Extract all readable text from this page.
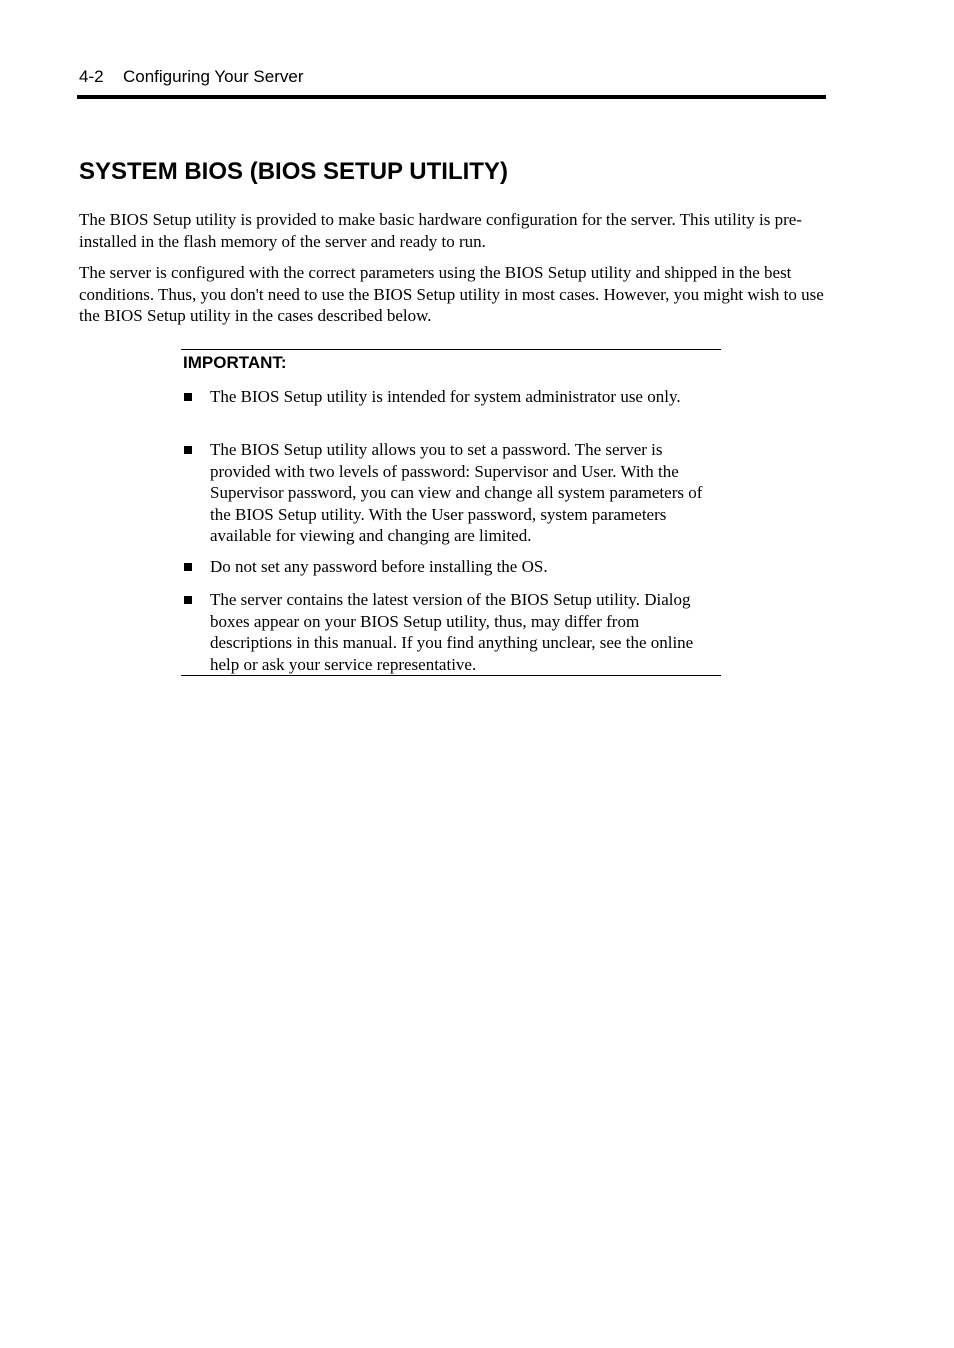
4-2 Configuring Your Server
SYSTEM BIOS (BIOS SETUP UTILITY)

The BIOS Setup utility is provided to make basic hardware configuration for the server. This utility is pre-installed in the flash memory of the server and ready to run.

The server is configured with the correct parameters using the BIOS Setup utility and shipped in the best conditions. Thus, you don't need to use the BIOS Setup utility in most cases. However, you might wish to use the BIOS Setup utility in the cases described below.

IMPORTANT:
The BIOS Setup utility is intended for system administrator use only.
The BIOS Setup utility allows you to set a password. The server is provided with two levels of password: Supervisor and User. With the Supervisor password, you can view and change all system parameters of the BIOS Setup utility. With the User password, system parameters available for viewing and changing are limited.
Do not set any password before installing the OS.
The server contains the latest version of the BIOS Setup utility. Dialog boxes appear on your BIOS Setup utility, thus, may differ from descriptions in this manual. If you find anything unclear, see the online help or ask your service representative.
